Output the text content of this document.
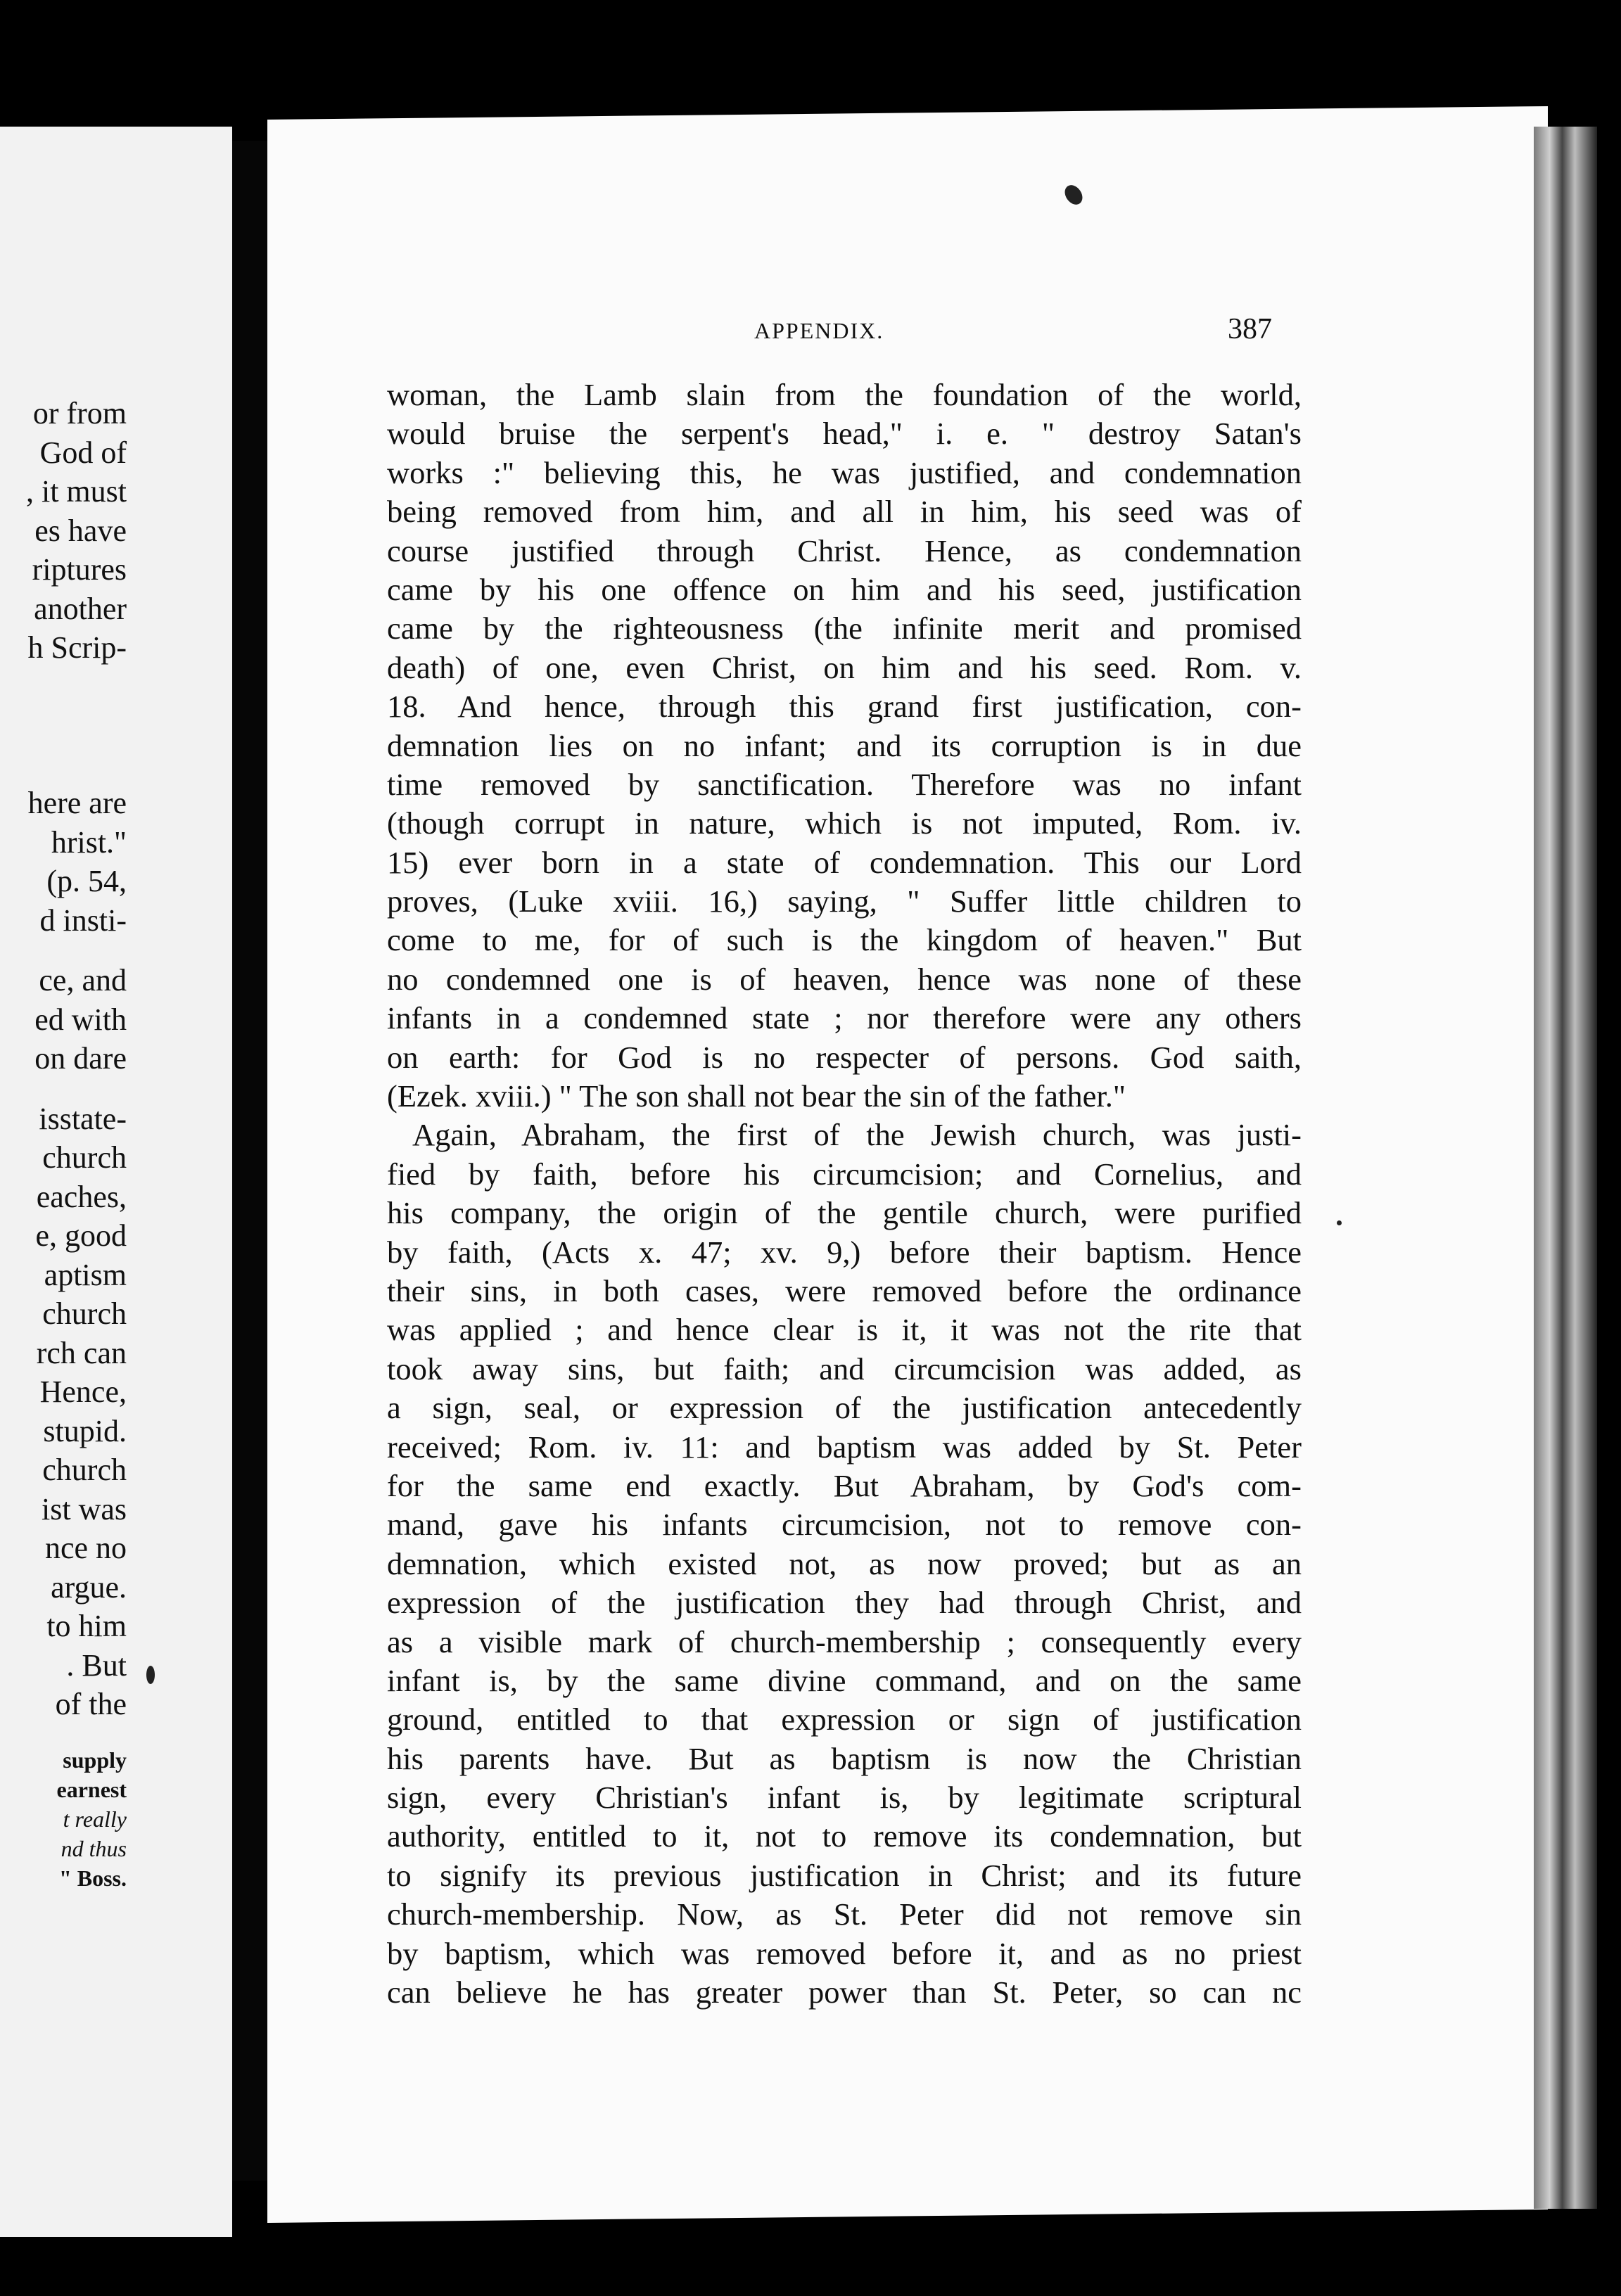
or from
God of
, it must
es have
riptures
another
h Scrip-
here are
hrist."
(p. 54,
d insti-
ce, and
ed with
on dare
isstate-
church
eaches,
e, good
aptism
church
rch can
Hence,
stupid.
church
ist was
nce no
argue.
to him
. But
of the
supply
earnest
t really
nd thus
" Boss.
APPENDIX.	387
woman, the Lamb slain from the foundation of the world,
would bruise the serpent's head," i. e. " destroy Satan's
works :" believing this, he was justified, and condemnation
being removed from him, and all in him, his seed was of
course justified through Christ. Hence, as condemnation
came by his one offence on him and his seed, justification
came by the righteousness (the infinite merit and promised
death) of one, even Christ, on him and his seed. Rom. v.
18. And hence, through this grand first justification, con-
demnation lies on no infant; and its corruption is in due
time removed by sanctification. Therefore was no infant
(though corrupt in nature, which is not imputed, Rom. iv.
15) ever born in a state of condemnation. This our Lord
proves, (Luke xviii. 16,) saying, " Suffer little children to
come to me, for of such is the kingdom of heaven." But
no condemned one is of heaven, hence was none of these
infants in a condemned state ; nor therefore were any others
on earth: for God is no respecter of persons. God saith,
(Ezek. xviii.) " The son shall not bear the sin of the father."
Again, Abraham, the first of the Jewish church, was justi-
fied by faith, before his circumcision; and Cornelius, and
his company, the origin of the gentile church, were purified
by faith, (Acts x. 47; xv. 9,) before their baptism. Hence
their sins, in both cases, were removed before the ordinance
was applied ; and hence clear is it, it was not the rite that
took away sins, but faith; and circumcision was added, as
a sign, seal, or expression of the justification antecedently
received; Rom. iv. 11: and baptism was added by St. Peter
for the same end exactly. But Abraham, by God's com-
mand, gave his infants circumcision, not to remove con-
demnation, which existed not, as now proved; but as an
expression of the justification they had through Christ, and
as a visible mark of church-membership ; consequently every
infant is, by the same divine command, and on the same
ground, entitled to that expression or sign of justification
his parents have. But as baptism is now the Christian
sign, every Christian's infant is, by legitimate scriptural
authority, entitled to it, not to remove its condemnation, but
to signify its previous justification in Christ; and its future
church-membership. Now, as St. Peter did not remove sin
by baptism, which was removed before it, and as no priest
can believe he has greater power than St. Peter, so can nc
